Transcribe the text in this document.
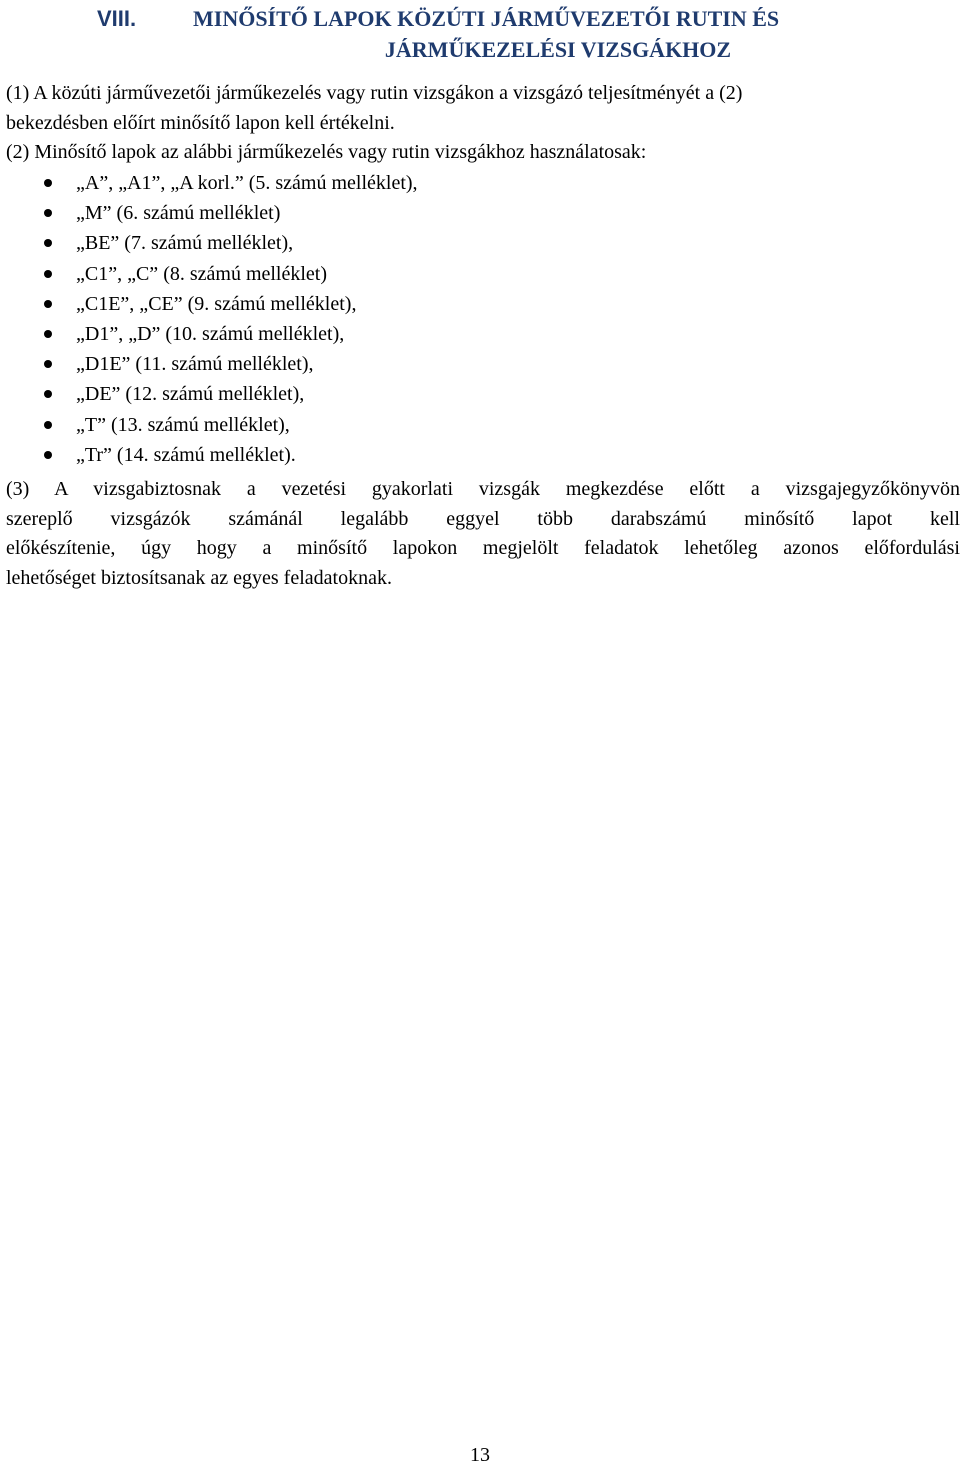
VIII.	MINŐSÍTŐ LAPOK KÖZÚTI JÁRMŰVEZETŐI RUTIN ÉS
JÁRMŰKEZELÉSI VIZSGÁKHOZ
(1) A közúti járművezetői járműkezelés vagy rutin vizsgákon a vizsgázó teljesítményét a (2)
bekezdésben előírt minősítő lapon kell értékelni.
(2) Minősítő lapok az alábbi járműkezelés vagy rutin vizsgákhoz használatosak:
„A”, „A1”, „A korl.” (5. számú melléklet),
„M” (6. számú melléklet)
„BE” (7. számú melléklet),
„C1”, „C” (8. számú melléklet)
„C1E”, „CE” (9. számú melléklet),
„D1”, „D” (10. számú melléklet),
„D1E” (11. számú melléklet),
„DE” (12. számú melléklet),
„T” (13. számú melléklet),
„Tr” (14. számú melléklet).
(3) A vizsgabiztosnak a vezetési gyakorlati vizsgák megkezdése előtt a vizsgajegyzőkönyvön
szereplő vizsgázók számánál legalább eggyel több darabszámú minősítő lapot kell
előkészítenie, úgy hogy a minősítő lapokon megjelölt feladatok lehetőleg azonos előfordulási
lehetőséget biztosítsanak az egyes feladatoknak.
13
